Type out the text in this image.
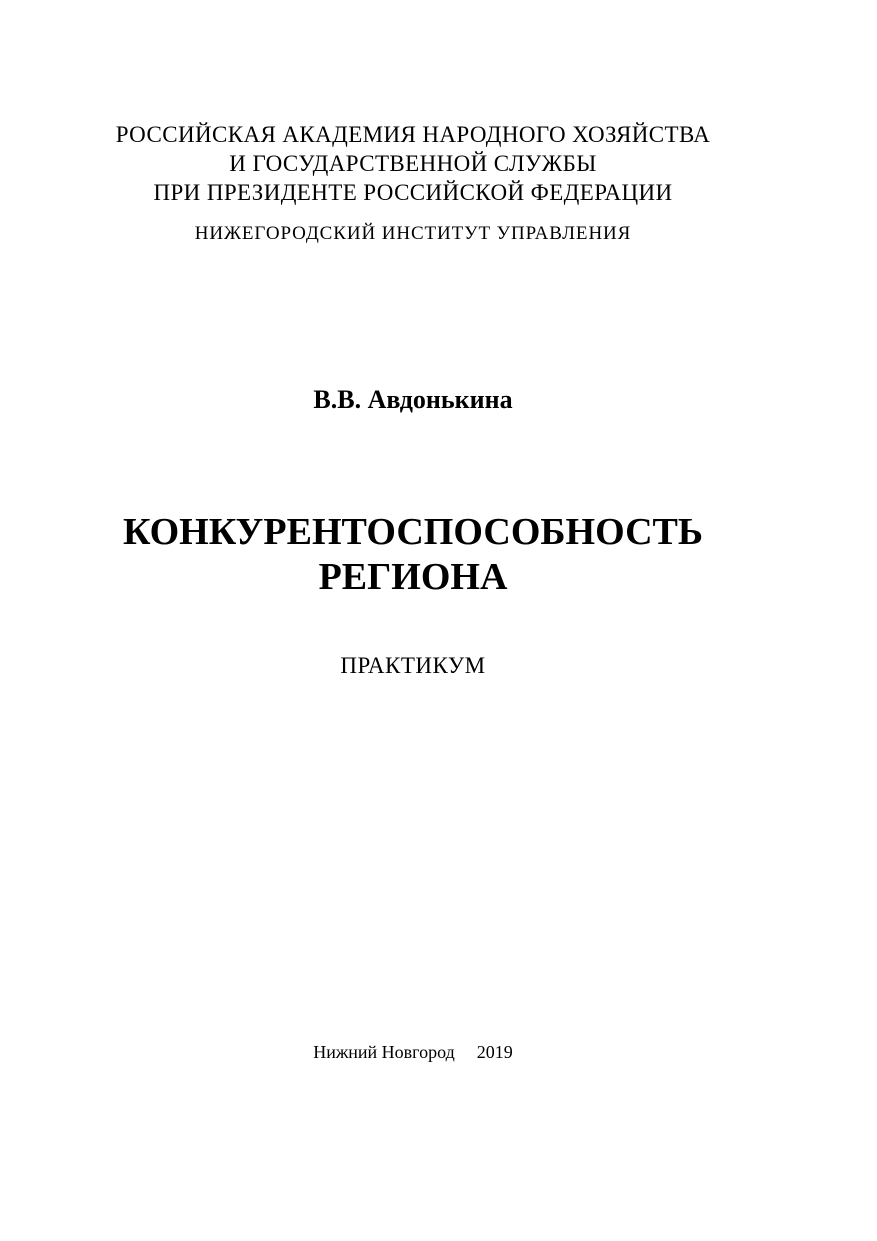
РОССИЙСКАЯ АКАДЕМИЯ НАРОДНОГО ХОЗЯЙСТВА
И ГОСУДАРСТВЕННОЙ СЛУЖБЫ
ПРИ ПРЕЗИДЕНТЕ РОССИЙСКОЙ ФЕДЕРАЦИИ
НИЖЕГОРОДСКИЙ ИНСТИТУТ УПРАВЛЕНИЯ
В.В. Авдонькина
КОНКУРЕНТОСПОСОБНОСТЬ
РЕГИОНА
ПРАКТИКУМ
Нижний Новгород 2019
